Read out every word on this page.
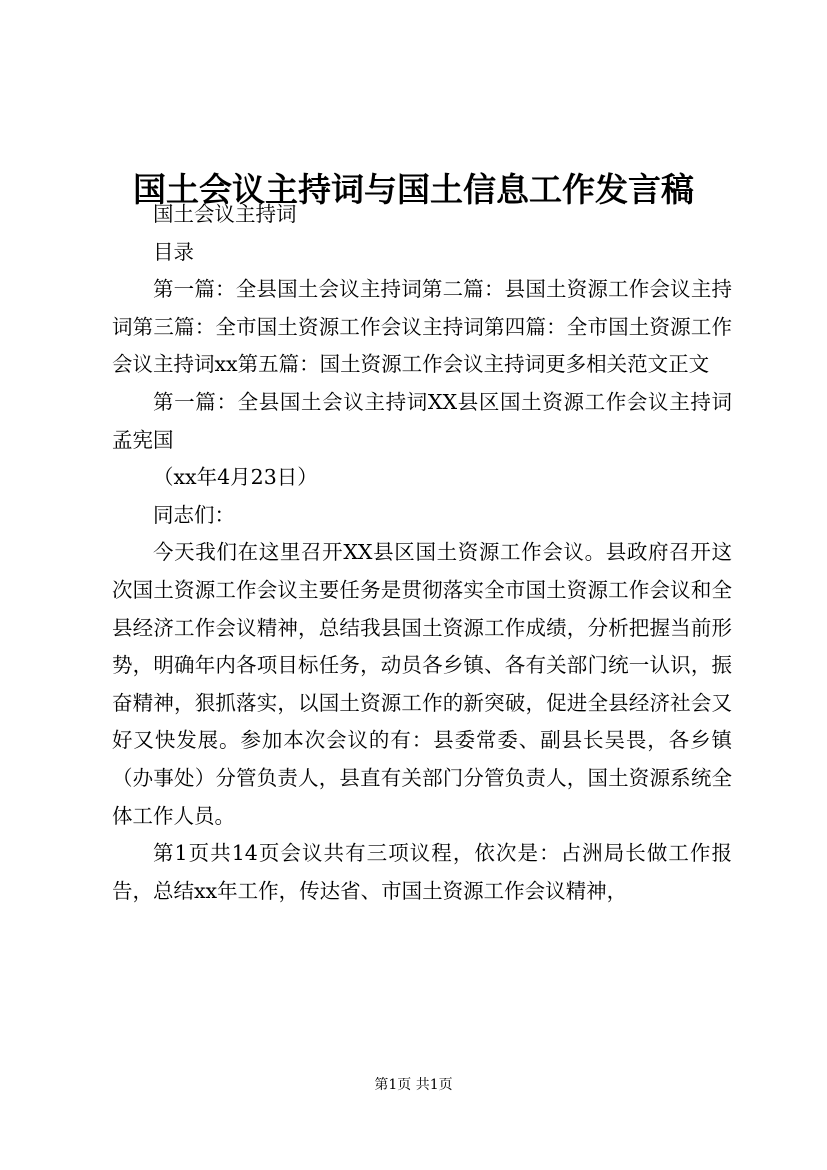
国土会议主持词与国土信息工作发言稿

国土会议主持词

目录

第一篇：全县国土会议主持词第二篇：县国土资源工作会议主持词第三篇：全市国土资源工作会议主持词第四篇：全市国土资源工作会议主持词xx第五篇：国土资源工作会议主持词更多相关范文正文

第一篇：全县国土会议主持词XX县区国土资源工作会议主持词孟宪国

（xx年4月23日）

同志们：

今天我们在这里召开XX县区国土资源工作会议。县政府召开这次国土资源工作会议主要任务是贯彻落实全市国土资源工作会议和全县经济工作会议精神，总结我县国土资源工作成绩，分析把握当前形势，明确年内各项目标任务，动员各乡镇、各有关部门统一认识，振奋精神，狠抓落实，以国土资源工作的新突破，促进全县经济社会又好又快发展。参加本次会议的有：县委常委、副县长吴畏，各乡镇（办事处）分管负责人，县直有关部门分管负责人，国土资源系统全体工作人员。

第1页共14页会议共有三项议程，依次是：占洲局长做工作报告，总结xx年工作，传达省、市国土资源工作会议精神，

第1页 共1页
